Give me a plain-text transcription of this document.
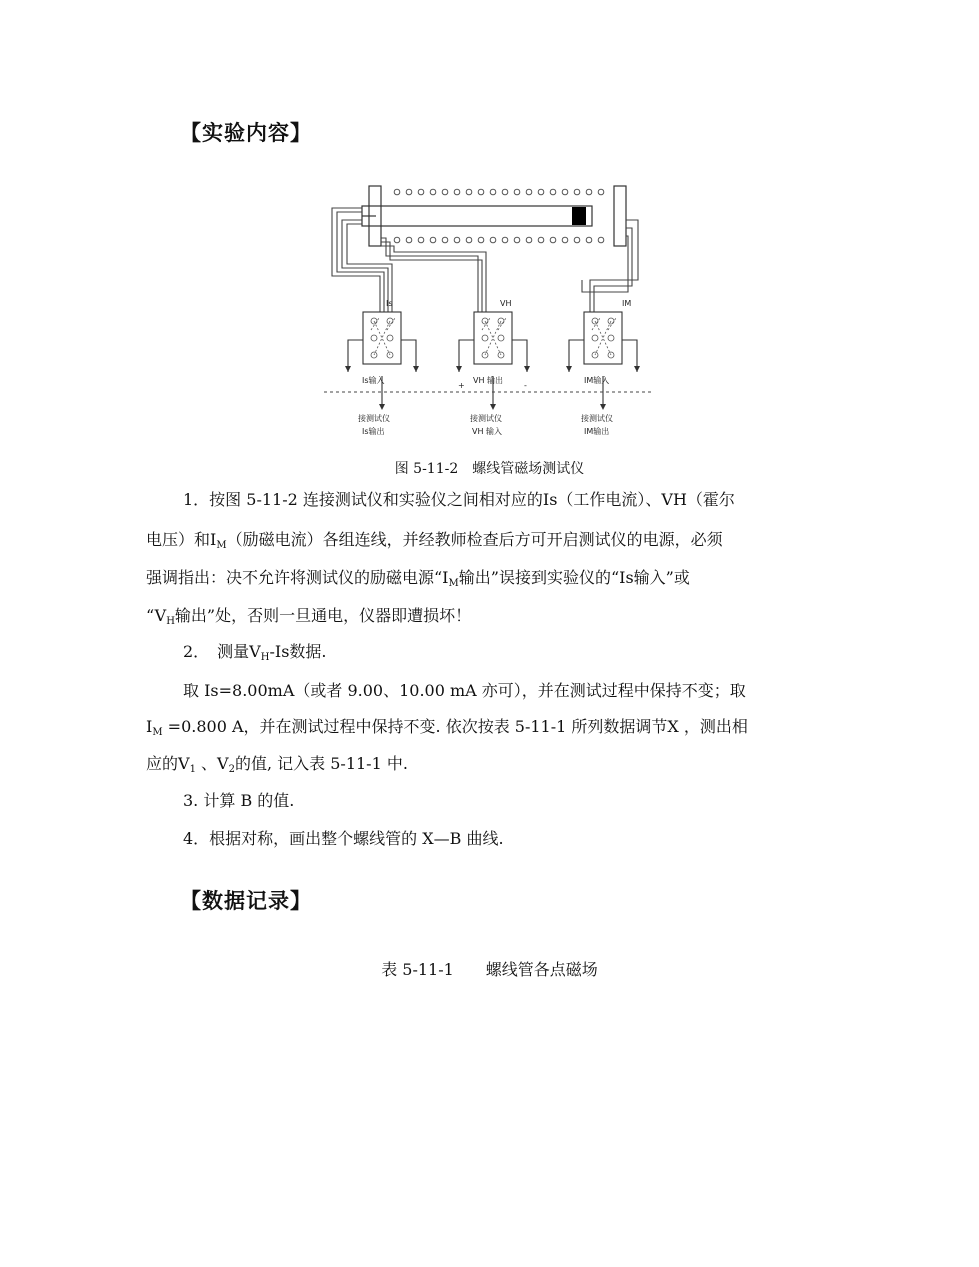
【实验内容】
Is	VH	IM
Is输入	VH 输出
+	-
IM输入
接测试仪
Is输出
接测试仪
VH 输入
接测试仪
IM输出
图 5-11-2　螺线管磁场测试仪
1．按图 5-11-2 连接测试仪和实验仪之间相对应的Is（工作电流）、VH（霍尔
电压）和$I_M$（励磁电流）各组连线，并经教师检查后方可开启测试仪的电源，必须
强调指出：决不允许将测试仪的励磁电源“$I_M$输出”误接到实验仪的“Is输入”或
“$V_H$输出”处，否则一旦通电，仪器即遭损坏！
2．　测量$V_H-Is$数据.
取 Is=8.00mA（或者 9.00、10.00 mA 亦可），并在测试过程中保持不变；取
$I_M =0.800$ A，并在测试过程中保持不变. 依次按表 5-11-1 所列数据调节X ，测出相
应的$V_1$ 、$V_2$的值, 记入表 5-11-1 中.
3. 计算 B 的值.
4．根据对称，画出整个螺线管的 X—B 曲线.
【数据记录】
表 5-11-1　　螺线管各点磁场
